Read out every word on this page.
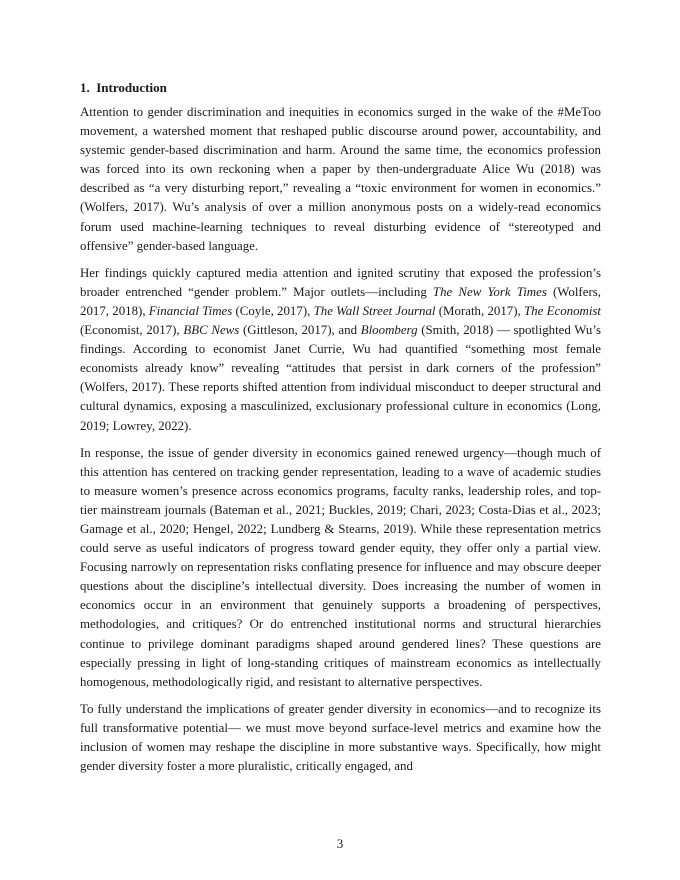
1. Introduction

Attention to gender discrimination and inequities in economics surged in the wake of the #MeToo movement, a watershed moment that reshaped public discourse around power, accountability, and systemic gender-based discrimination and harm. Around the same time, the economics profession was forced into its own reckoning when a paper by then-undergraduate Alice Wu (2018) was described as “a very disturbing report,” revealing a “toxic environment for women in economics.” (Wolfers, 2017). Wu’s analysis of over a million anonymous posts on a widely-read economics forum used machine-learning techniques to reveal disturbing evidence of “stereotyped and offensive” gender-based language.

Her findings quickly captured media attention and ignited scrutiny that exposed the profession’s broader entrenched “gender problem.” Major outlets—including The New York Times (Wolfers, 2017, 2018), Financial Times (Coyle, 2017), The Wall Street Journal (Morath, 2017), The Economist (Economist, 2017), BBC News (Gittleson, 2017), and Bloomberg (Smith, 2018) — spotlighted Wu’s findings. According to economist Janet Currie, Wu had quantified “something most female economists already know” revealing “attitudes that persist in dark corners of the profession” (Wolfers, 2017). These reports shifted attention from individual misconduct to deeper structural and cultural dynamics, exposing a masculinized, exclusionary professional culture in economics (Long, 2019; Lowrey, 2022).

In response, the issue of gender diversity in economics gained renewed urgency—though much of this attention has centered on tracking gender representation, leading to a wave of academic studies to measure women’s presence across economics programs, faculty ranks, leadership roles, and top-tier mainstream journals (Bateman et al., 2021; Buckles, 2019; Chari, 2023; Costa-Dias et al., 2023; Gamage et al., 2020; Hengel, 2022; Lundberg & Stearns, 2019). While these representation metrics could serve as useful indicators of progress toward gender equity, they offer only a partial view. Focusing narrowly on representation risks conflating presence for influence and may obscure deeper questions about the discipline’s intellectual diversity. Does increasing the number of women in economics occur in an environment that genuinely supports a broadening of perspectives, methodologies, and critiques? Or do entrenched institutional norms and structural hierarchies continue to privilege dominant paradigms shaped around gendered lines? These questions are especially pressing in light of long-standing critiques of mainstream economics as intellectually homogenous, methodologically rigid, and resistant to alternative perspectives.

To fully understand the implications of greater gender diversity in economics—and to recognize its full transformative potential— we must move beyond surface-level metrics and examine how the inclusion of women may reshape the discipline in more substantive ways. Specifically, how might gender diversity foster a more pluralistic, critically engaged, and

3
